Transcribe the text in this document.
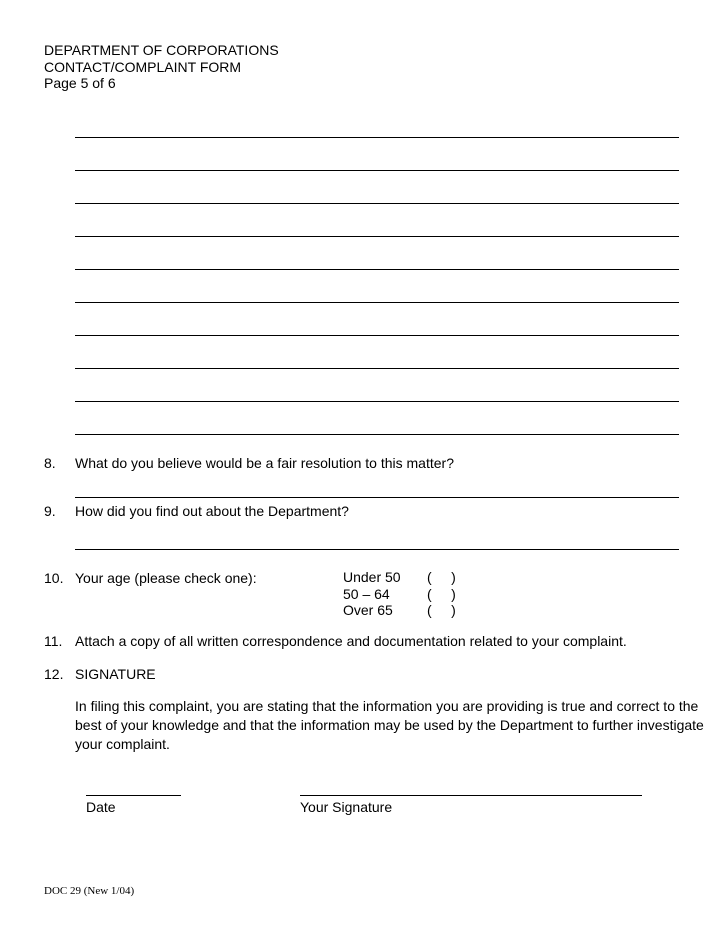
DEPARTMENT OF CORPORATIONS
CONTACT/COMPLAINT FORM
Page 5 of 6
8. What do you believe would be a fair resolution to this matter?
9. How did you find out about the Department?
10. Your age (please check one):	Under 50 (     )
50 – 64	(     )
Over 65 (     )
11. Attach a copy of all written correspondence and documentation related to your complaint.
12. SIGNATURE
In filing this complaint, you are stating that the information you are providing is true and correct to the best of your knowledge and that the information may be used by the Department to further investigate your complaint.
Date	Your Signature
DOC 29 (New 1/04)
